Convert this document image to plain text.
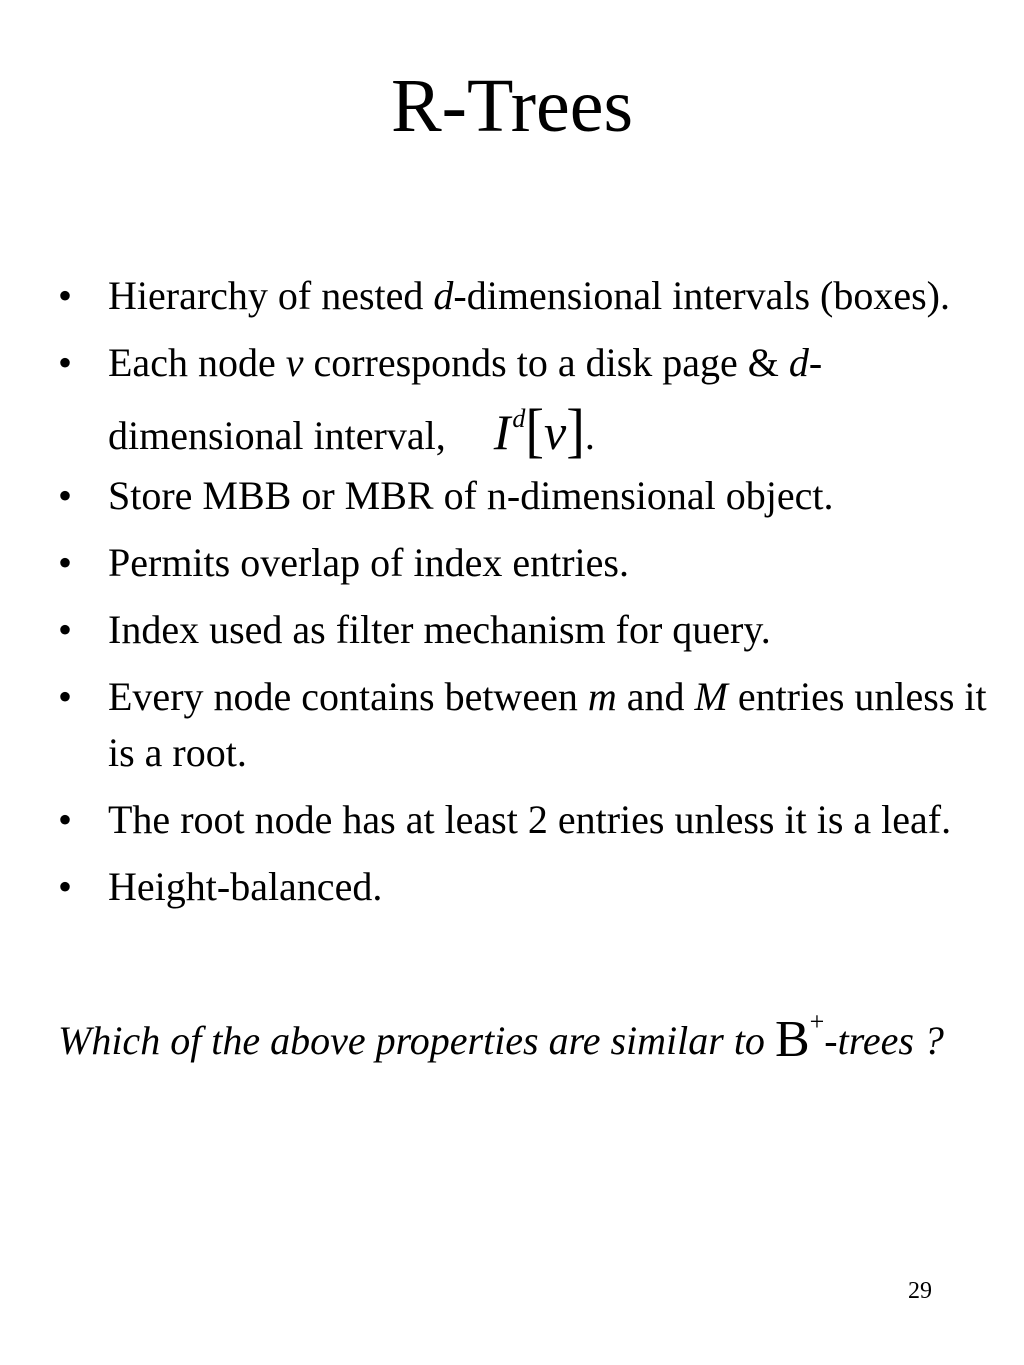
R-Trees
• Hierarchy of nested d-dimensional intervals (boxes).
• Each node v corresponds to a disk page & d-dimensional interval, $I^d[v]$.
• Store MBB or MBR of n-dimensional object.
• Permits overlap of index entries.
• Index used as filter mechanism for query.
• Every node contains between m and M entries unless it is a root.
• The root node has at least 2 entries unless it is a leaf.
• Height-balanced.
Which of the above properties are similar to B+-trees ?
29
